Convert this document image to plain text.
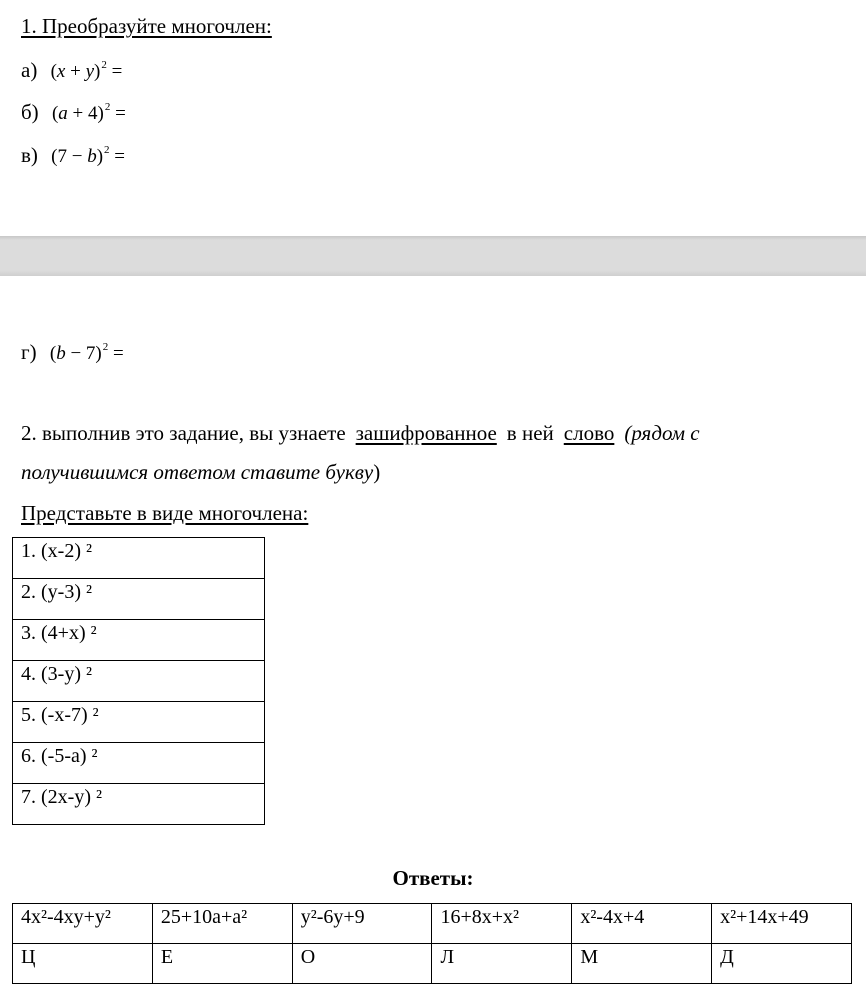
1. Преобразуйте многочлен:
а) $(x + y)^2$ =
б) $(a + 4)^2$ =
в) $(7 - b)^2$ =
г) $(b - 7)^2$ =
2. выполнив это задание, вы узнаете зашифрованное в ней слово (рядом с
получившимся ответом ставите букву)
Представьте в виде многочлена:
1. (x-2) ²
2. (y-3) ²
3. (4+x) ²
4. (3-y) ²
5. (-x-7) ²
6. (-5-a) ²
7. (2x-y) ²
Ответы:
4x²-4xy+y²	25+10a+a²	y²-6y+9	16+8x+x²	x²-4x+4	x²+14x+49
Ц	Е	О	Л	М	Д
